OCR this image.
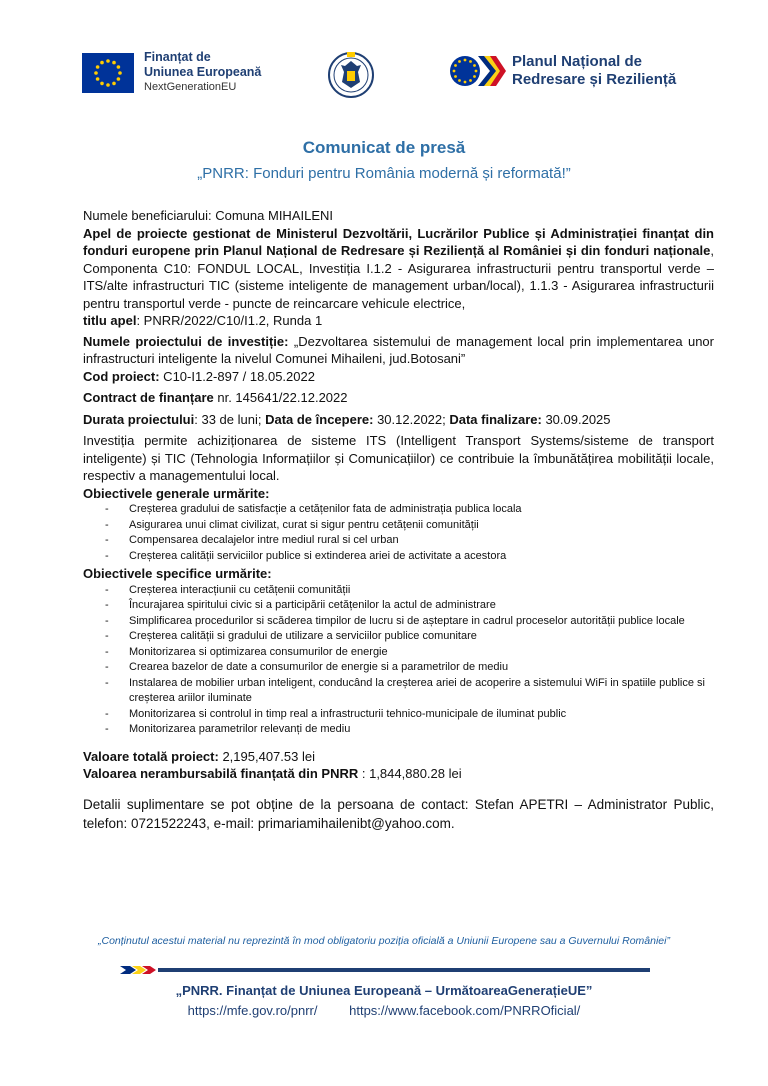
Finanțat de
Uniunea Europeană
NextGenerationEU
Planul Național de
Redresare și Reziliență
Comunicat de presă
„PNRR: Fonduri pentru România modernă și reformată!”

Numele beneficiarului: Comuna MIHAILENI

Apel de proiecte gestionat de Ministerul Dezvoltării, Lucrărilor Publice și Administrației finanțat din fonduri europene prin Planul Național de Redresare și Reziliență al României și din fonduri naționale, Componenta C10: FONDUL LOCAL, Investiția I.1.2 - Asigurarea infrastructurii pentru transportul verde – ITS/alte infrastructuri TIC (sisteme inteligente de management urban/local), 1.1.3 - Asigurarea infrastructurii pentru transportul verde - puncte de reincarcare vehicule electrice,
titlu apel: PNRR/2022/C10/I1.2, Runda 1

Numele proiectului de investiție: „Dezvoltarea sistemului de management local prin implementarea unor infrastructuri inteligente la nivelul Comunei Mihaileni, jud.Botosani”

Cod proiect: C10-I1.2-897 / 18.05.2022

Contract de finanțare nr. 145641/22.12.2022

Durata proiectului: 33 de luni; Data de începere: 30.12.2022; Data finalizare: 30.09.2025

Investiția permite achiziționarea de sisteme ITS (Intelligent Transport Systems/sisteme de transport inteligente) și TIC (Tehnologia Informațiilor și Comunicațiilor) ce contribuie la îmbunătățirea mobilității locale, respectiv a managementului local.

Obiectivele generale urmărite:

- Creșterea gradului de satisfacție a cetățenilor fata de administrația publica locala
- Asigurarea unui climat civilizat, curat si sigur pentru cetățenii comunității
- Compensarea decalajelor intre mediul rural si cel urban
- Creșterea calității serviciilor publice si extinderea ariei de activitate a acestora

Obiectivele specifice urmărite:

- Creșterea interacțiunii cu cetățenii comunității
- Încurajarea spiritului civic si a participării cetățenilor la actul de administrare
- Simplificarea procedurilor si scăderea timpilor de lucru si de așteptare in cadrul proceselor autorității publice locale
- Creșterea calității si gradului de utilizare a serviciilor publice comunitare
- Monitorizarea si optimizarea consumurilor de energie
- Crearea bazelor de date a consumurilor de energie si a parametrilor de mediu
- Instalarea de mobilier urban inteligent, conducând la creșterea ariei de acoperire a sistemului WiFi in spatiile publice si creșterea ariilor iluminate
- Monitorizarea si controlul in timp real a infrastructurii tehnico-municipale de iluminat public
- Monitorizarea parametrilor relevanți de mediu

Valoare totală proiect: 2,195,407.53 lei

Valoarea nerambursabilă finanțată din PNRR : 1,844,880.28 lei

Detalii suplimentare se pot obține de la persoana de contact: Stefan APETRI – Administrator Public, telefon: 0721522243, e-mail: primariamihailenibt@yahoo.com.

„Conținutul acestui material nu reprezintă în mod obligatoriu poziția oficială a Uniunii Europene sau a Guvernului României”
„PNRR. Finanțat de Uniunea Europeană – UrmătoareaGenerațieUE”
https://mfe.gov.ro/pnrr/ https://www.facebook.com/PNRROficial/
